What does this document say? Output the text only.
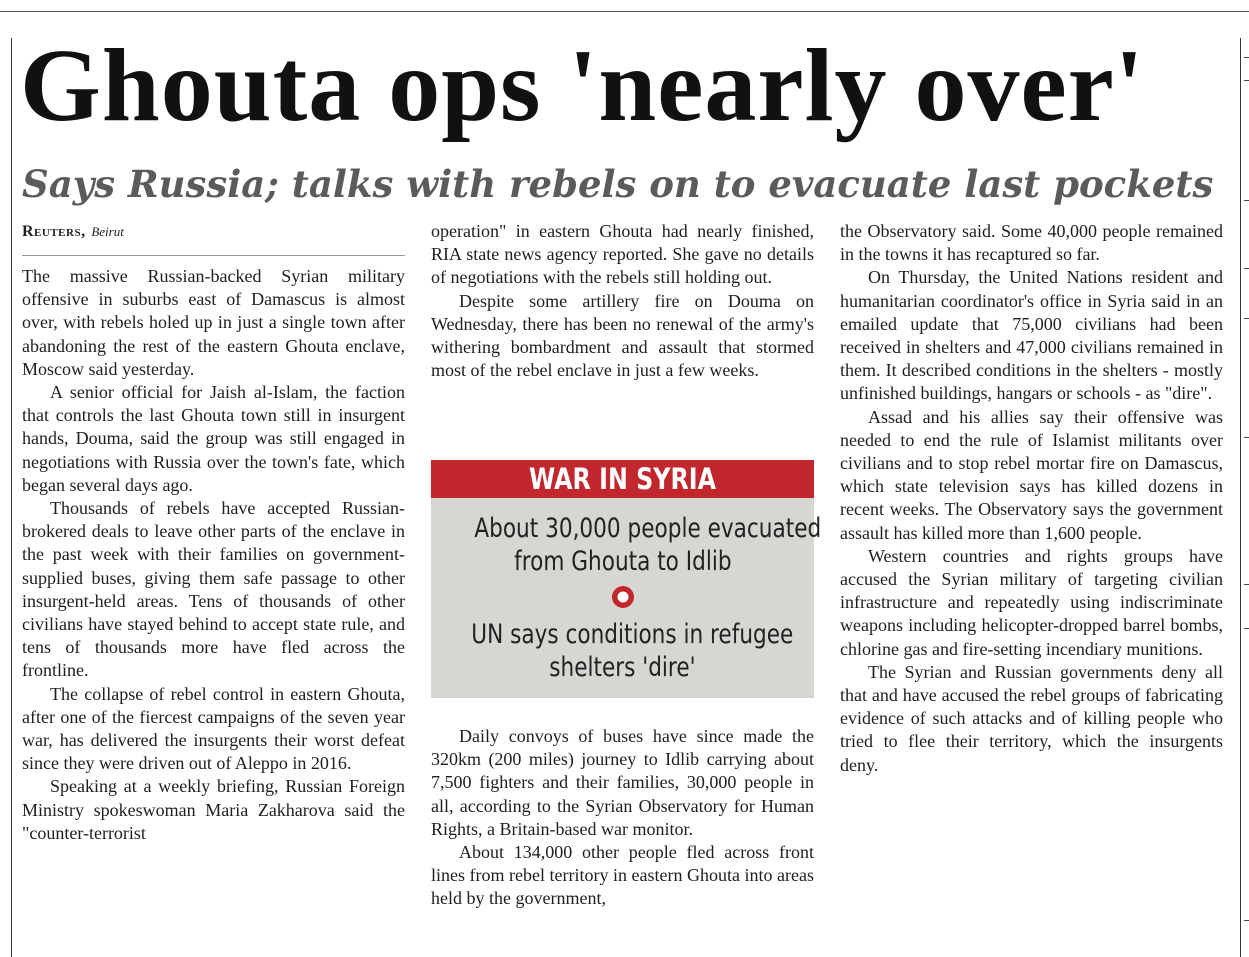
Ghouta ops 'nearly over'
Says Russia; talks with rebels on to evacuate last pockets
Reuters, Beirut

The massive Russian-backed Syrian military offensive in suburbs east of Damascus is almost over, with rebels holed up in just a single town after abandoning the rest of the eastern Ghouta enclave, Moscow said yesterday.

A senior official for Jaish al-Islam, the faction that controls the last Ghouta town still in insurgent hands, Douma, said the group was still engaged in negotiations with Russia over the town's fate, which began several days ago.

Thousands of rebels have accepted Russian-brokered deals to leave other parts of the enclave in the past week with their families on government-supplied buses, giving them safe passage to other insurgent-held areas. Tens of thousands of other civilians have stayed behind to accept state rule, and tens of thousands more have fled across the frontline.

The collapse of rebel control in eastern Ghouta, after one of the fiercest campaigns of the seven year war, has delivered the insurgents their worst defeat since they were driven out of Aleppo in 2016.

Speaking at a weekly briefing, Russian Foreign Ministry spokeswoman Maria Zakharova said the "counter-terrorist

operation" in eastern Ghouta had nearly finished, RIA state news agency reported. She gave no details of negotiations with the rebels still holding out.

Despite some artillery fire on Douma on Wednesday, there has been no renewal of the army's withering bombardment and assault that stormed most of the rebel enclave in just a few weeks.

WAR IN SYRIA
About 30,000 people evacuated
from Ghouta to Idlib
UN says conditions in refugee
shelters 'dire'

Daily convoys of buses have since made the 320km (200 miles) journey to Idlib carrying about 7,500 fighters and their families, 30,000 people in all, according to the Syrian Observatory for Human Rights, a Britain-based war monitor.

About 134,000 other people fled across front lines from rebel territory in eastern Ghouta into areas held by the government,

the Observatory said. Some 40,000 people remained in the towns it has recaptured so far.

On Thursday, the United Nations resident and humanitarian coordinator's office in Syria said in an emailed update that 75,000 civilians had been received in shelters and 47,000 civilians remained in them. It described conditions in the shelters - mostly unfinished buildings, hangars or schools - as "dire".

Assad and his allies say their offensive was needed to end the rule of Islamist militants over civilians and to stop rebel mortar fire on Damascus, which state television says has killed dozens in recent weeks. The Observatory says the government assault has killed more than 1,600 people.

Western countries and rights groups have accused the Syrian military of targeting civilian infrastructure and repeatedly using indiscriminate weapons including helicopter-dropped barrel bombs, chlorine gas and fire-setting incendiary munitions.

The Syrian and Russian governments deny all that and have accused the rebel groups of fabricating evidence of such attacks and of killing people who tried to flee their territory, which the insurgents deny.
